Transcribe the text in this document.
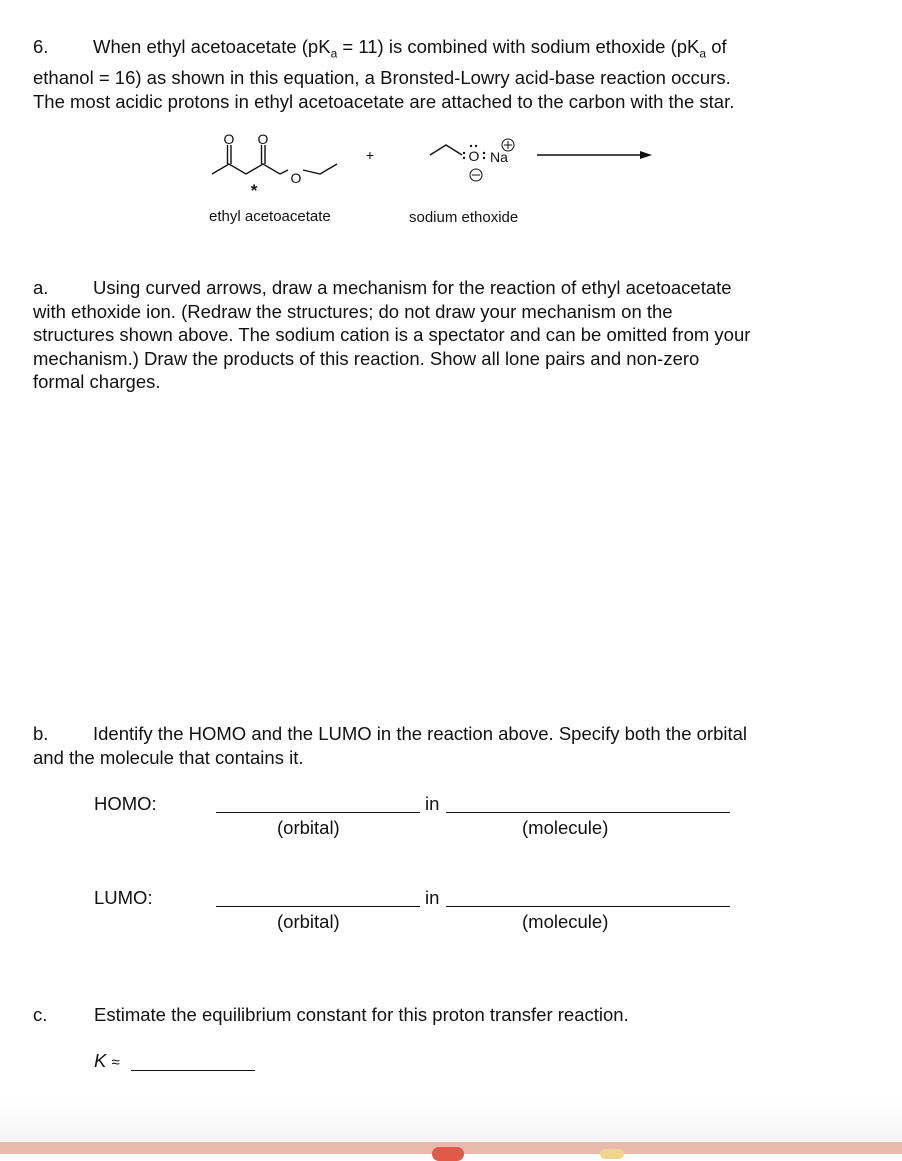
6. When ethyl acetoacetate $(pK_a = 11)$ is combined with sodium ethoxide ($pK_a$ of
ethanol = 16) as shown in this equation, a Bronsted-Lowry acid-base reaction occurs.
The most acidic protons in ethyl acetoacetate are attached to the carbon with the star.
O O
O
*
+	O Na
ethyl acetoacetate	sodium ethoxide
a. Using curved arrows, draw a mechanism for the reaction of ethyl acetoacetate
with ethoxide ion. (Redraw the structures; do not draw your mechanism on the
structures shown above. The sodium cation is a spectator and can be omitted from your
mechanism.) Draw the products of this reaction. Show all lone pairs and non-zero
formal charges.
b. Identify the HOMO and the LUMO in the reaction above. Specify both the orbital
and the molecule that contains it.
HOMO:	in
(orbital)	(molecule)
LUMO:	in
(orbital)	(molecule)
c.	Estimate the equilibrium constant for this proton transfer reaction.
K ≈
